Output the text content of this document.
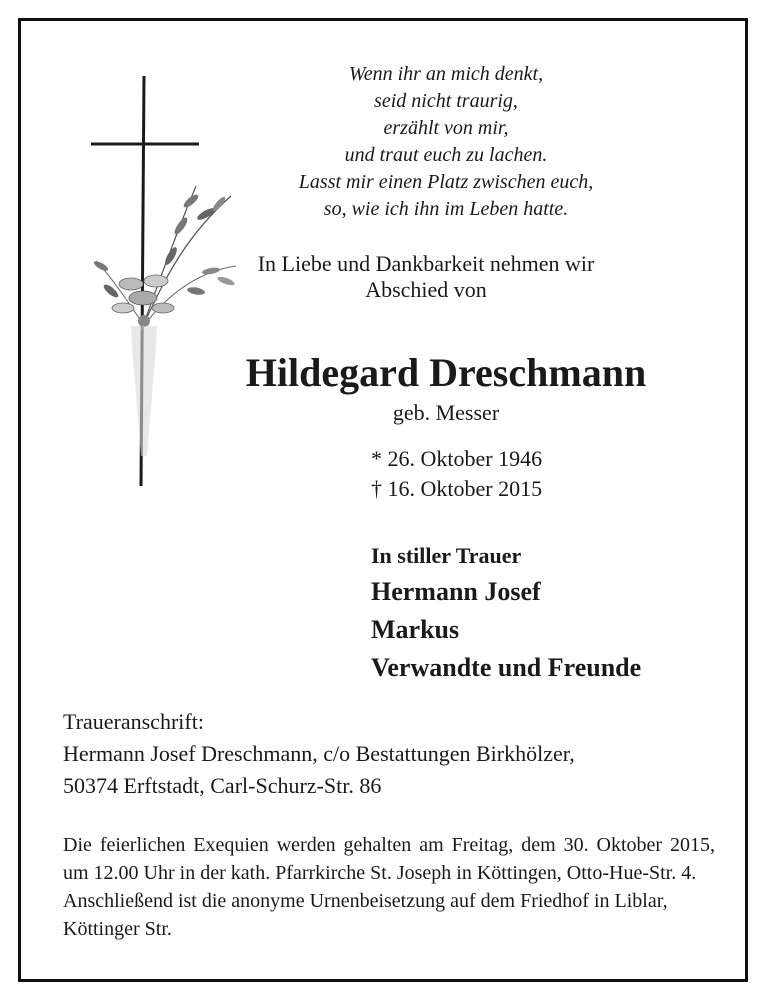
Wenn ihr an mich denkt,
seid nicht traurig,
erzählt von mir,
und traut euch zu lachen.
Lasst mir einen Platz zwischen euch,
so, wie ich ihn im Leben hatte.
In Liebe und Dankbarkeit nehmen wir
Abschied von
Hildegard Dreschmann
geb. Messer
* 26. Oktober 1946
† 16. Oktober 2015
In stiller Trauer
Hermann Josef
Markus
Verwandte und Freunde
Traueranschrift:
Hermann Josef Dreschmann, c/o Bestattungen Birkhölzer,
50374 Erftstadt, Carl-Schurz-Str. 86

Die feierlichen Exequien werden gehalten am Freitag, dem 30. Oktober 2015, um 12.00 Uhr in der kath. Pfarrkirche St. Joseph in Köttingen, Otto-Hue-Str. 4.

Anschließend ist die anonyme Urnenbeisetzung auf dem Friedhof in Liblar, Köttinger Str.
